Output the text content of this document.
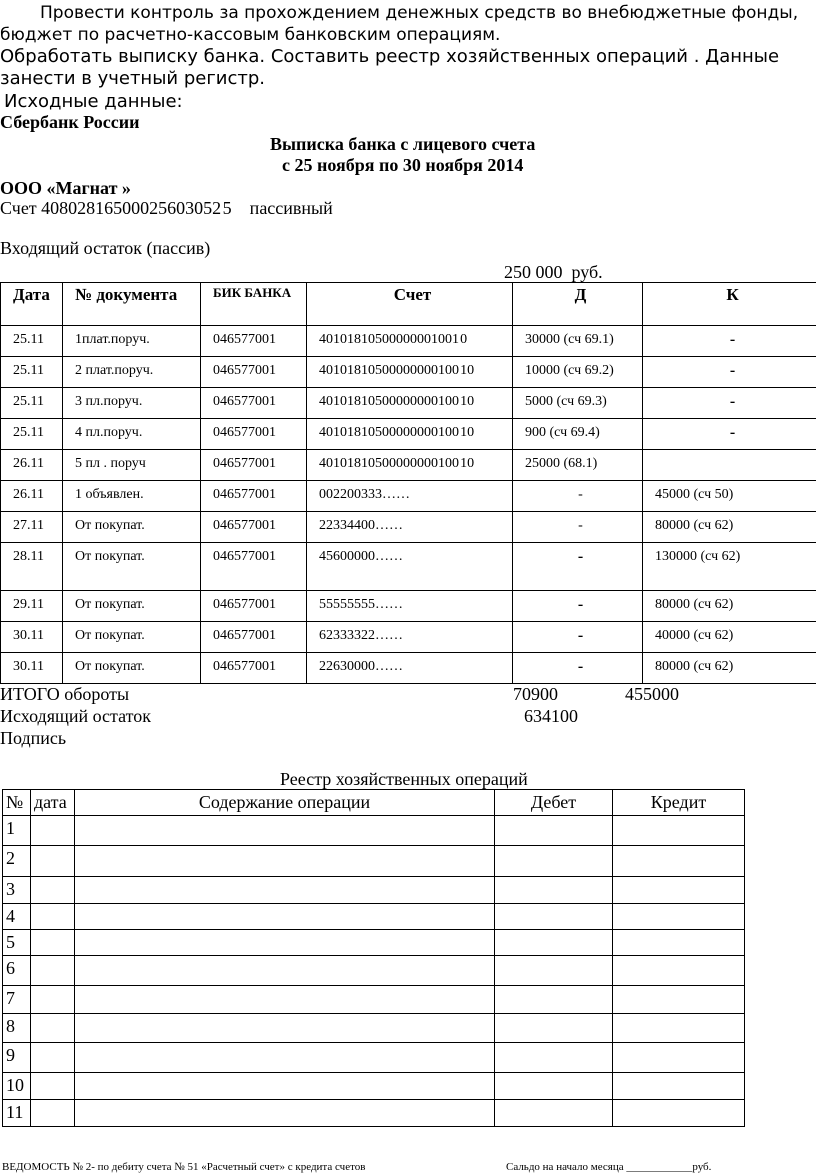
Провести контроль за прохождением денежных средств во внебюджетные фонды, бюджет по расчетно-кассовым банковским операциям.

Обработать выписку банка. Составить реестр хозяйственных операций . Данные занести в учетный регистр.

Исходные данные:

Сбербанк России
Выписка банка с лицевого счета
с 25 ноября по 30 ноября 2014
ООО «Магнат »
Счет 40802816500025603052 5    пассивный
Входящий остаток (пассив)
250 000  руб.
Дата	№ документа	БИК БАНКА	Счет	Д	К
25.11	1плат.поруч.	046577001	40101810500000001001 0	30000 (сч 69.1)	-
25.11	2 плат.поруч.	046577001	40101810500000000100 10	10000 (сч 69.2)	-
25.11	3 пл.поруч.	046577001	40101810500000000100 10	5000 (сч 69.3)	-
25.11	4 пл.поруч.	046577001	40101810500000000100 10	900 (сч 69.4)	-
26.11	5 пл . поруч	046577001	40101810500000000100 10	25000 (68.1)	
26.11	1 объявлен.	046577001	002200333……	-	45000 (сч 50)
27.11	От покупат.	046577001	22334400……	-	80000 (сч 62)
28.11	От покупат.	046577001	45600000……	-	130000 (сч 62)
29.11	От покупат.	046577001	55555555……	-	80000 (сч 62)
30.11	От покупат.	046577001	62333322……	-	40000 (сч 62)
30.11	От покупат.	046577001	22630000……	-	80000 (сч 62)
ИТОГО обороты	70900	455000
Исходящий остаток	634100
Подпись
Реестр хозяйственных операций
№	дата	Содержание операции	Дебет	Кредит
1				
2				
3				
4				
5				
6				
7				
8				
9				
10				
11				
ВЕДОМОСТЬ № 2- по дебиту счета № 51 «Расчетный счет» с кредита счетов	Сальдо на начало месяца ____________руб.
